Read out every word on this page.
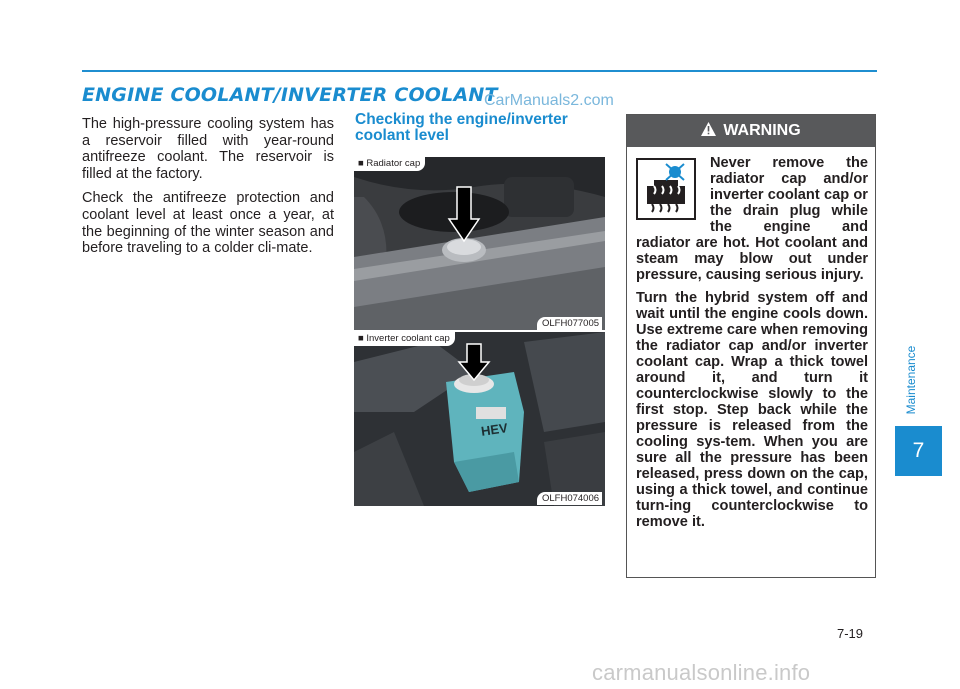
ENGINE COOLANT/INVERTER COOLANT
CarManuals2.com

The high-pressure cooling system has a reservoir filled with year-round antifreeze coolant. The reservoir is filled at the factory.

Check the antifreeze protection and coolant level at least once a year, at the beginning of the winter season and before traveling to a colder cli-mate.

Checking the engine/inverter coolant level
■ Radiator cap
OLFH077005
HEV
■ Inverter coolant cap
OLFH074006
WARNING

Never remove the radiator cap and/or inverter coolant cap or the drain plug while the engine and radiator are hot. Hot coolant and steam may blow out under pressure, causing serious injury.

Turn the hybrid system off and wait until the engine cools down. Use extreme care when removing the radiator cap and/or inverter coolant cap. Wrap a thick towel around it, and turn it counterclockwise slowly to the first stop. Step back while the pressure is released from the cooling sys-tem. When you are sure all the pressure has been released, press down on the cap, using a thick towel, and continue turn-ing counterclockwise to remove it.

Maintenance
7
7-19
carmanualsonline.info
